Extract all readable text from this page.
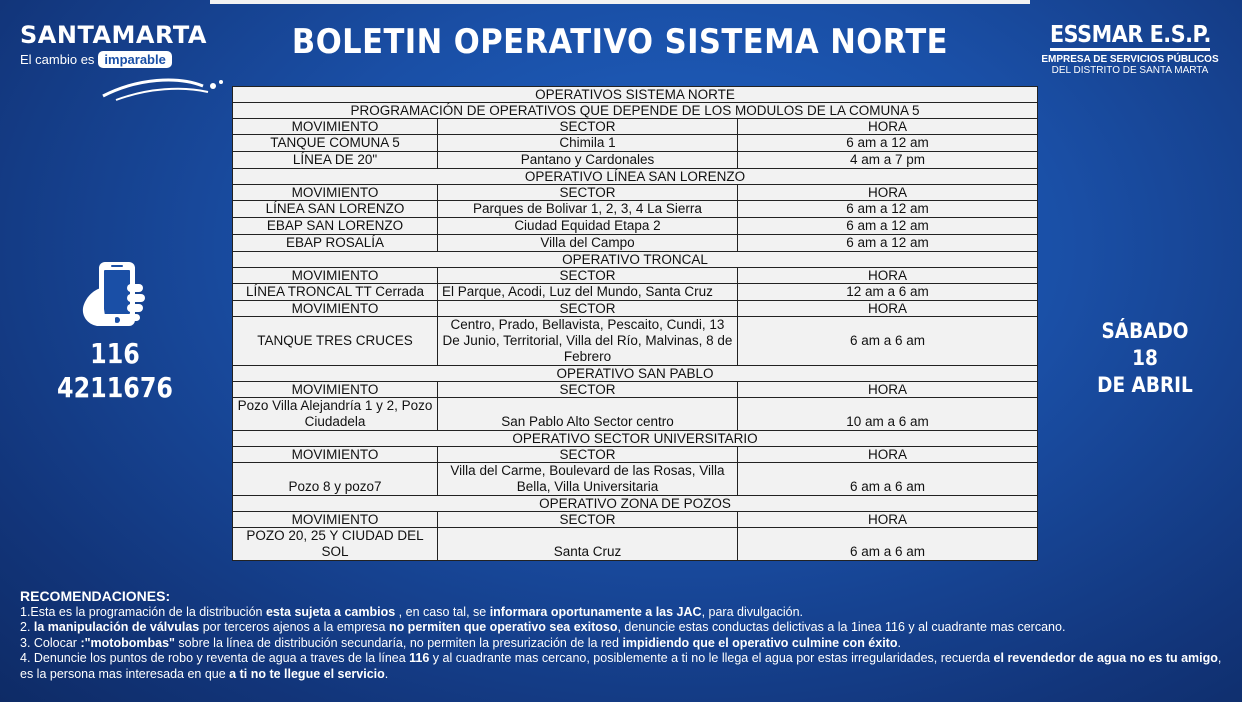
SANTAMARTA
El cambio es imparable	BOLETIN OPERATIVO SISTEMA NORTE	ESSMAR E.S.P.
EMPRESA DE SERVICIOS PÚBLICOS
DEL DISTRITO DE SANTA MARTA
116
4211676
SÁBADO
18
DE ABRIL
OPERATIVOS SISTEMA NORTE		
PROGRAMACIÓN DE OPERATIVOS QUE DEPENDE DE LOS MODULOS DE LA COMUNA 5		
MOVIMIENTO	SECTOR	HORA
TANQUE COMUNA 5	Chimila 1	6 am a 12 am
LÍNEA DE 20"	Pantano y Cardonales	4 am a 7 pm
OPERATIVO LÍNEA SAN LORENZO		
MOVIMIENTO	SECTOR	HORA
LÍNEA SAN LORENZO	Parques de Bolivar 1, 2, 3, 4 La Sierra	6 am a 12 am
EBAP SAN LORENZO	Ciudad Equidad Etapa 2	6 am a 12 am
EBAP ROSALÍA	Villa del Campo	6 am a 12 am
OPERATIVO TRONCAL		
MOVIMIENTO	SECTOR	HORA
LÍNEA TRONCAL TT Cerrada	El Parque, Acodi, Luz del Mundo, Santa Cruz	12 am a 6 am
MOVIMIENTO	SECTOR	HORA
TANQUE TRES CRUCES	Centro, Prado, Bellavista, Pescaito, Cundi, 13 De Junio, Territorial, Villa del Río, Malvinas, 8 de Febrero	6 am a 6 am
OPERATIVO SAN PABLO		
MOVIMIENTO	SECTOR	HORA
Pozo Villa Alejandría 1 y 2, Pozo Ciudadela	San Pablo Alto Sector centro	10 am a 6 am
OPERATIVO SECTOR UNIVERSITARIO		
MOVIMIENTO	SECTOR	HORA
Pozo 8 y pozo7	Villa del Carme, Boulevard de las Rosas, Villa Bella, Villa Universitaria	6 am a 6 am
OPERATIVO ZONA DE POZOS		
MOVIMIENTO	SECTOR	HORA
POZO 20, 25 Y CIUDAD DEL SOL	Santa Cruz	6 am a 6 am
RECOMENDACIONES:
1.Esta es la programación de la distribución esta sujeta a cambios , en caso tal, se informara oportunamente a las JAC, para divulgación.
2. la manipulación de válvulas por terceros ajenos a la empresa no permiten que operativo sea exitoso, denuncie estas conductas delictivas a la 1inea 116 y al cuadrante mas cercano.
3. Colocar :"motobombas" sobre la línea de distribución secundaría, no permiten la presurización de la red impidiendo que el operativo culmine con éxito.
4. Denuncie los puntos de robo y reventa de agua a traves de la línea 116 y al cuadrante mas cercano, posiblemente a ti no le llega el agua por estas irregularidades, recuerda el revendedor de agua no es tu amigo, es la persona mas interesada en que a ti no te llegue el servicio.
